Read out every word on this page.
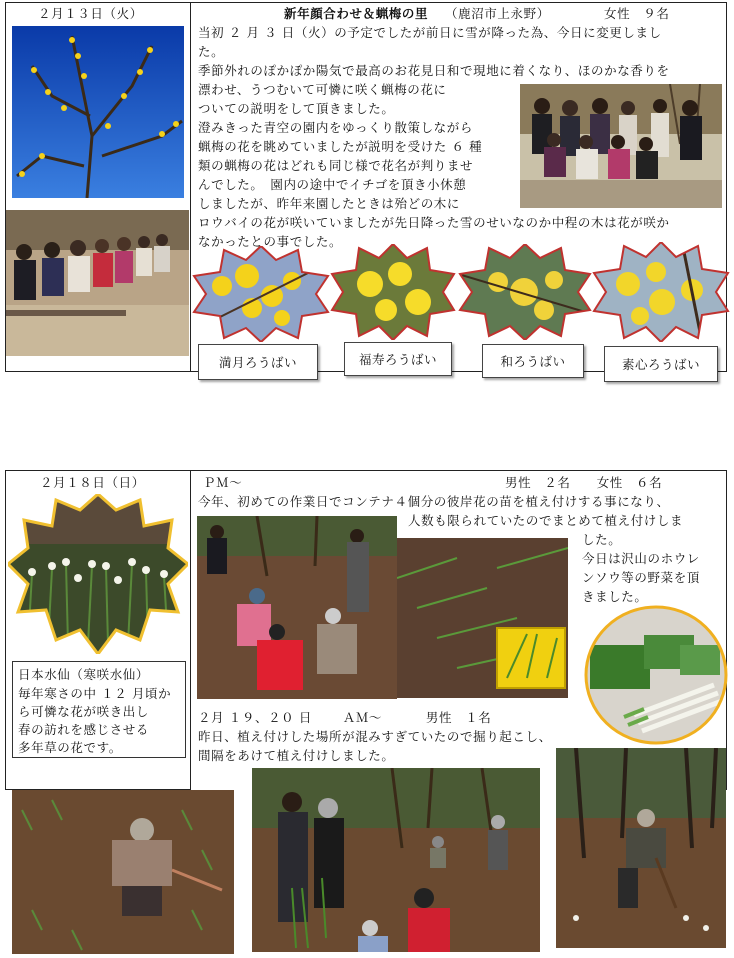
２月１３日（火）	新年顔合わせ＆蝋梅の里 （鹿沼市上永野）	女性　９名
当初 ２ 月 ３ 日（火）の予定でしたが前日に雪が降った為、今日に変更しまし
た。
季節外れのぽかぽか陽気で最高のお花見日和で現地に着くなり、ほのかな香りを
漂わせ、うつむいて可憐に咲く蝋梅の花に
ついての説明をして頂きました。
澄みきった青空の園内をゆっくり散策しながら
蝋梅の花を眺めていましたが説明を受けた ６ 種
類の蝋梅の花はどれも同じ様で花名が判りませ
んでした。　園内の途中でイチゴを頂き小休憩
しましたが、昨年来園したときは殆どの木に
ロウバイの花が咲いていましたが先日降った雪のせいなのか中程の木は花が咲か
なかったとの事でした。
満月ろうばい	福寿ろうばい	和ろうばい	素心ろうばい
２月１８日（日）	ＰＭ～	男性　２名　　女性　６名
今年、初めての作業日でコンテナ４個分の彼岸花の苗を植え付けする事になり、
人数も限られていたのでまとめて植え付けしま
した。
今日は沢山のホウレ
ンソウ等の野菜を頂
きました。
日本水仙（寒咲水仙）
毎年寒さの中 １２ 月頃か
ら可憐な花が咲き出し
春の訪れを感じさせる
多年草の花です。
２月 １９、２０ 日　　 ＡＭ～　　　 男性　１名
昨日、植え付けした場所が混みすぎていたので掘り起こし、
間隔をあけて植え付けしました。
